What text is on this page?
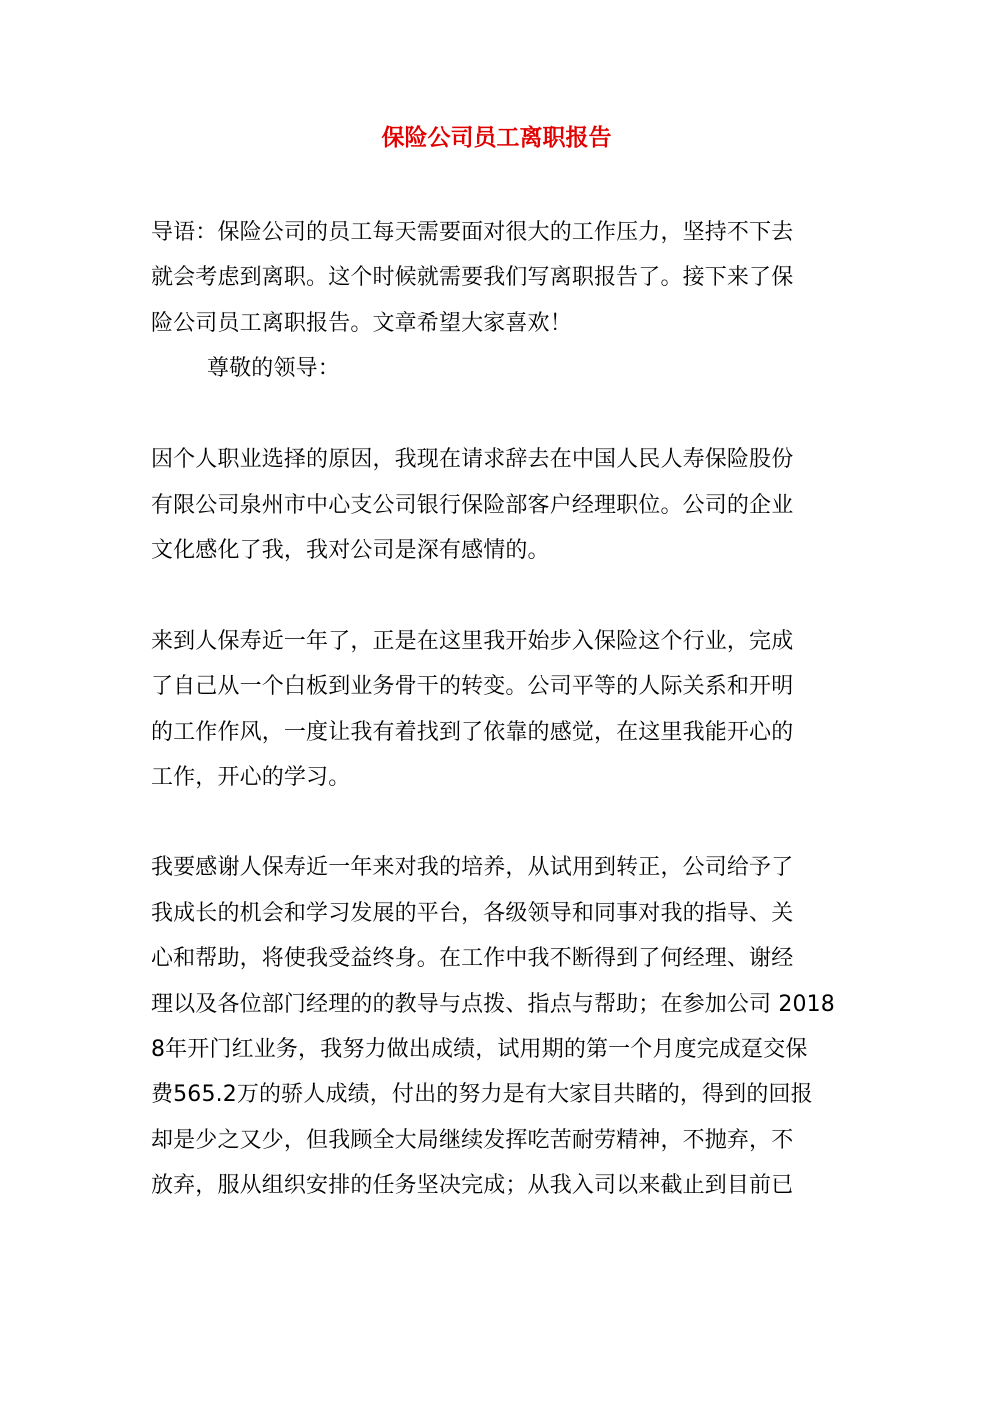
保险公司员工离职报告

导语：保险公司的员工每天需要面对很大的工作压力，坚持不下去

就会考虑到离职。这个时候就需要我们写离职报告了。接下来了保

险公司员工离职报告。文章希望大家喜欢！

尊敬的领导：

因个人职业选择的原因，我现在请求辞去在中国人民人寿保险股份

有限公司泉州市中心支公司银行保险部客户经理职位。公司的企业

文化感化了我，我对公司是深有感情的。

来到人保寿近一年了，正是在这里我开始步入保险这个行业，完成

了自己从一个白板到业务骨干的转变。公司平等的人际关系和开明

的工作作风，一度让我有着找到了依靠的感觉，在这里我能开心的

工作，开心的学习。

我要感谢人保寿近一年来对我的培养，从试用到转正，公司给予了

我成长的机会和学习发展的平台，各级领导和同事对我的指导、关

心和帮助，将使我受益终身。在工作中我不断得到了何经理、谢经

理以及各位部门经理的的教导与点拨、指点与帮助；在参加公司 2018

8年开门红业务，我努力做出成绩，试用期的第一个月度完成趸交保

费565.2万的骄人成绩，付出的努力是有大家目共睹的，得到的回报

却是少之又少，但我顾全大局继续发挥吃苦耐劳精神，不抛弃，不

放弃，服从组织安排的任务坚决完成；从我入司以来截止到目前已
